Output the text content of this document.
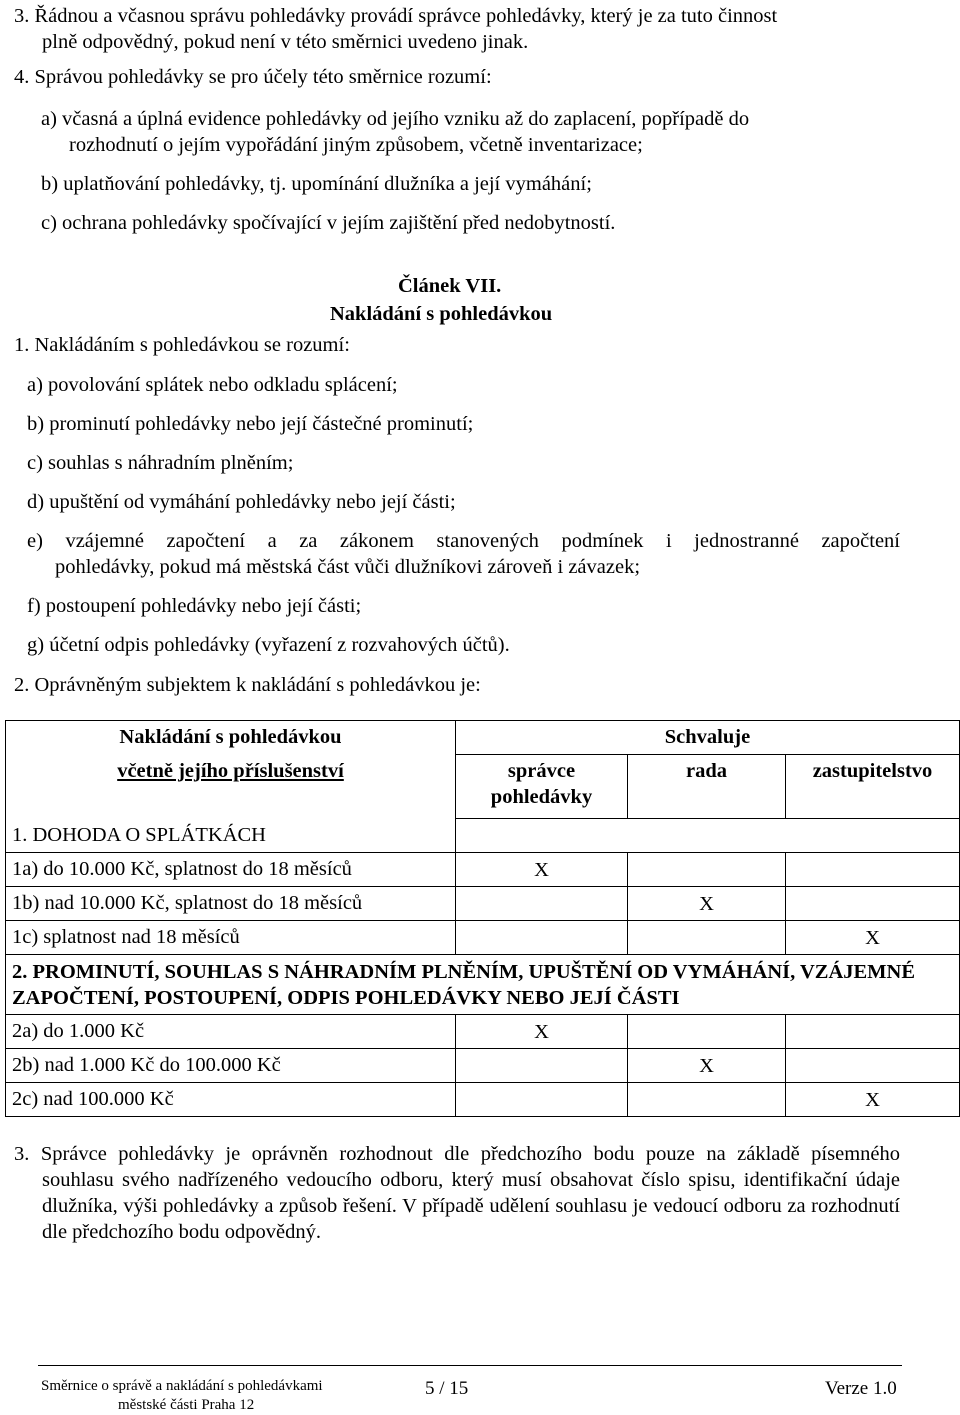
3. Řádnou a včasnou správu pohledávky provádí správce pohledávky, který je za tuto činnost
plně odpovědný, pokud není v této směrnici uvedeno jinak.
4. Správou pohledávky se pro účely této směrnice rozumí:
a) včasná a úplná evidence pohledávky od jejího vzniku až do zaplacení, popřípadě do
rozhodnutí o jejím vypořádání jiným způsobem, včetně inventarizace;
b) uplatňování pohledávky, tj. upomínání dlužníka a její vymáhání;
c) ochrana pohledávky spočívající v jejím zajištění před nedobytností.
Článek VII.
Nakládání s pohledávkou
1. Nakládáním s pohledávkou se rozumí:
a) povolování splátek nebo odkladu splácení;
b) prominutí pohledávky nebo její částečné prominutí;
c) souhlas s náhradním plněním;
d) upuštění od vymáhání pohledávky nebo její části;
e) vzájemné započtení a za zákonem stanovených podmínek i jednostranné započtení
pohledávky, pokud má městská část vůči dlužníkovi zároveň i závazek;
f) postoupení pohledávky nebo její části;
g) účetní odpis pohledávky (vyřazení z rozvahových účtů).
2. Oprávněným subjektem k nakládání s pohledávkou je:
Nakládání s pohledávkou
včetně jejího příslušenství	Schvaluje		
	správce pohledávky	rada	zastupitelstvo
1. DOHODA O SPLÁTKÁCH			
1a) do 10.000 Kč, splatnost do 18 měsíců	X		
1b) nad 10.000 Kč, splatnost do 18 měsíců		X	
1c) splatnost nad 18 měsíců			X
2. PROMINUTÍ, SOUHLAS S NÁHRADNÍM PLNĚNÍM, UPUŠTĚNÍ OD VYMÁHÁNÍ, VZÁJEMNÉ ZAPOČTENÍ, POSTOUPENÍ, ODPIS POHLEDÁVKY NEBO JEJÍ ČÁSTI			
2a) do 1.000 Kč	X		
2b) nad 1.000 Kč do 100.000 Kč		X	
2c) nad 100.000 Kč			X
3. Správce pohledávky je oprávněn rozhodnout dle předchozího bodu pouze na základě písemného souhlasu svého nadřízeného vedoucího odboru, který musí obsahovat číslo spisu, identifikační údaje dlužníka, výši pohledávky a způsob řešení. V případě udělení souhlasu je vedoucí odboru za rozhodnutí dle předchozího bodu odpovědný.
Směrnice o správě a nakládání s pohledávkami
městské části Praha 12
5 / 15	Verze 1.0
